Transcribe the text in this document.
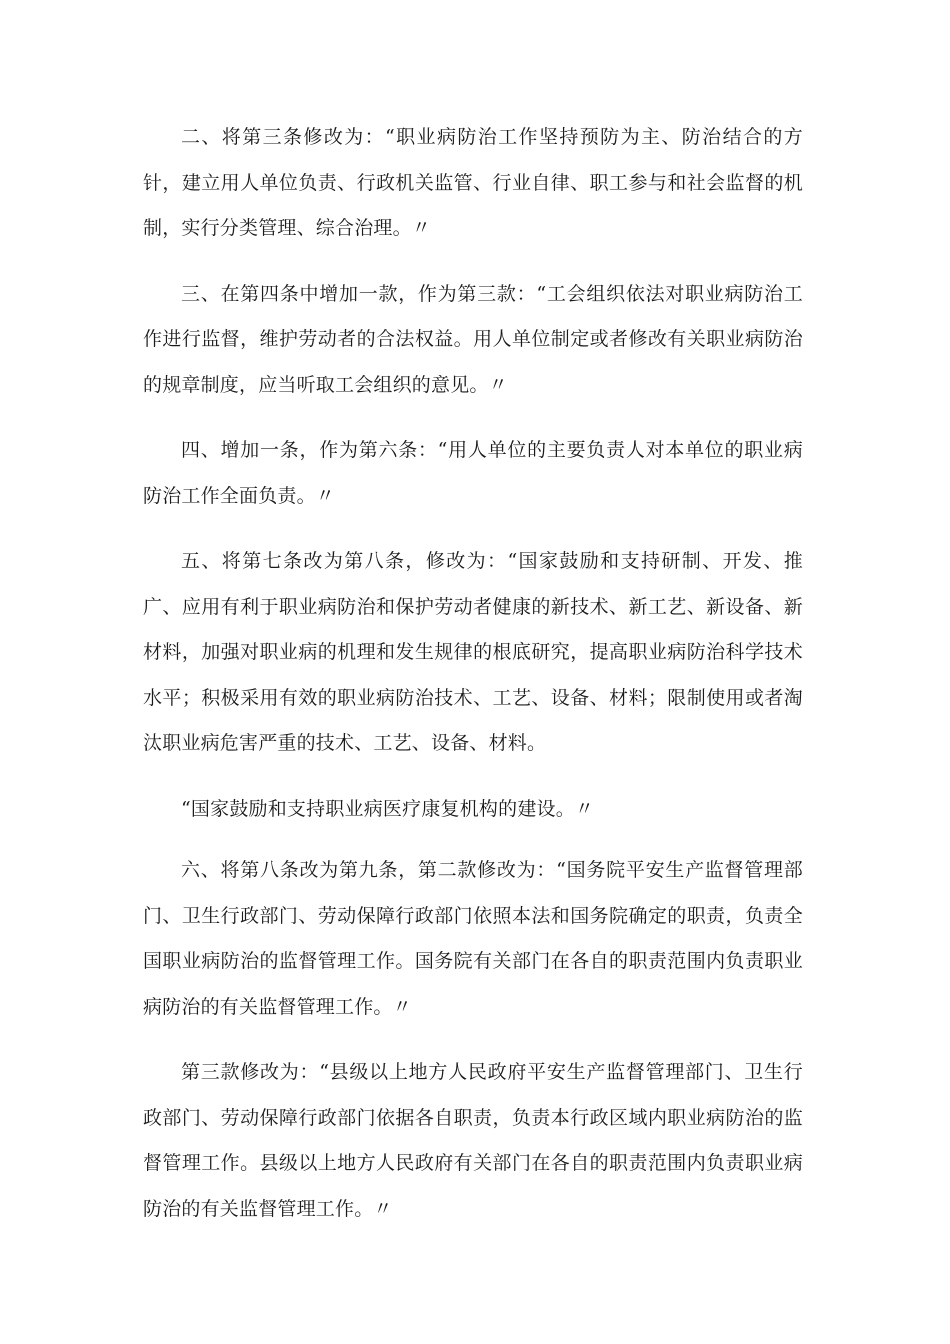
二、将第三条修改为：“职业病防治工作坚持预防为主、防治结合的方针，建立用人单位负责、行政机关监管、行业自律、职工参与和社会监督的机制，实行分类管理、综合治理。〃

三、在第四条中增加一款，作为第三款：“工会组织依法对职业病防治工作进行监督，维护劳动者的合法权益。用人单位制定或者修改有关职业病防治的规章制度，应当听取工会组织的意见。〃

四、增加一条，作为第六条：“用人单位的主要负责人对本单位的职业病防治工作全面负责。〃

五、将第七条改为第八条，修改为：“国家鼓励和支持研制、开发、推广、应用有利于职业病防治和保护劳动者健康的新技术、新工艺、新设备、新材料，加强对职业病的机理和发生规律的根底研究，提高职业病防治科学技术水平；积极采用有效的职业病防治技术、工艺、设备、材料；限制使用或者淘汰职业病危害严重的技术、工艺、设备、材料。

“国家鼓励和支持职业病医疗康复机构的建设。〃

六、将第八条改为第九条，第二款修改为：“国务院平安生产监督管理部门、卫生行政部门、劳动保障行政部门依照本法和国务院确定的职责，负责全国职业病防治的监督管理工作。国务院有关部门在各自的职责范围内负责职业病防治的有关监督管理工作。〃

第三款修改为：“县级以上地方人民政府平安生产监督管理部门、卫生行政部门、劳动保障行政部门依据各自职责，负责本行政区域内职业病防治的监督管理工作。县级以上地方人民政府有关部门在各自的职责范围内负责职业病防治的有关监督管理工作。〃
